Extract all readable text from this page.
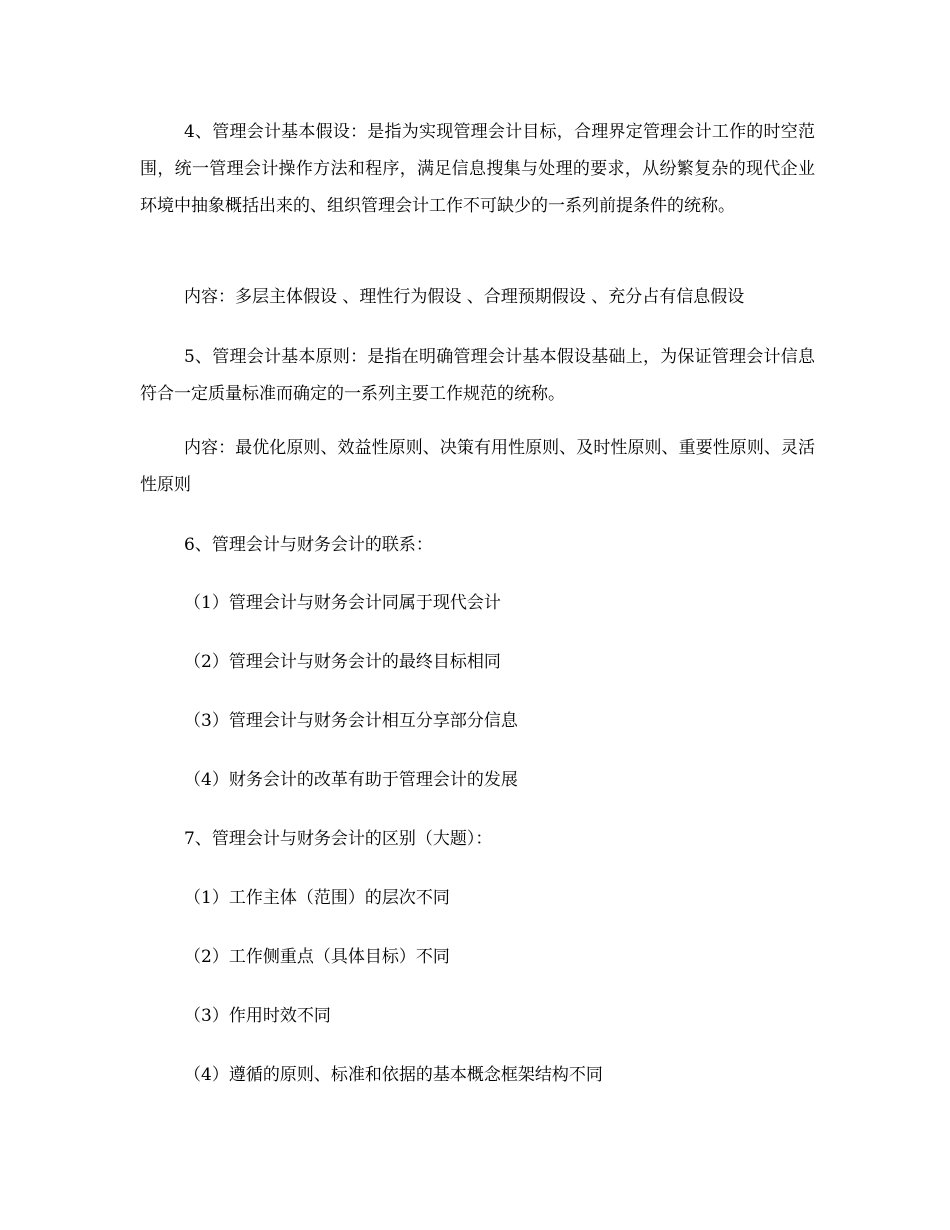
4、管理会计基本假设：是指为实现管理会计目标，合理界定管理会计工作的时空范围，统一管理会计操作方法和程序，满足信息搜集与处理的要求，从纷繁复杂的现代企业环境中抽象概括出来的、组织管理会计工作不可缺少的一系列前提条件的统称。

内容：多层主体假设 、理性行为假设 、合理预期假设 、充分占有信息假设

5、管理会计基本原则：是指在明确管理会计基本假设基础上，为保证管理会计信息符合一定质量标准而确定的一系列主要工作规范的统称。

内容：最优化原则、效益性原则、决策有用性原则、及时性原则、重要性原则、灵活性原则

6、管理会计与财务会计的联系：

（1）管理会计与财务会计同属于现代会计

（2）管理会计与财务会计的最终目标相同

（3）管理会计与财务会计相互分享部分信息

（4）财务会计的改革有助于管理会计的发展

7、管理会计与财务会计的区别（大题）：

（1）工作主体（范围）的层次不同

（2）工作侧重点（具体目标）不同

（3）作用时效不同

（4）遵循的原则、标准和依据的基本概念框架结构不同
